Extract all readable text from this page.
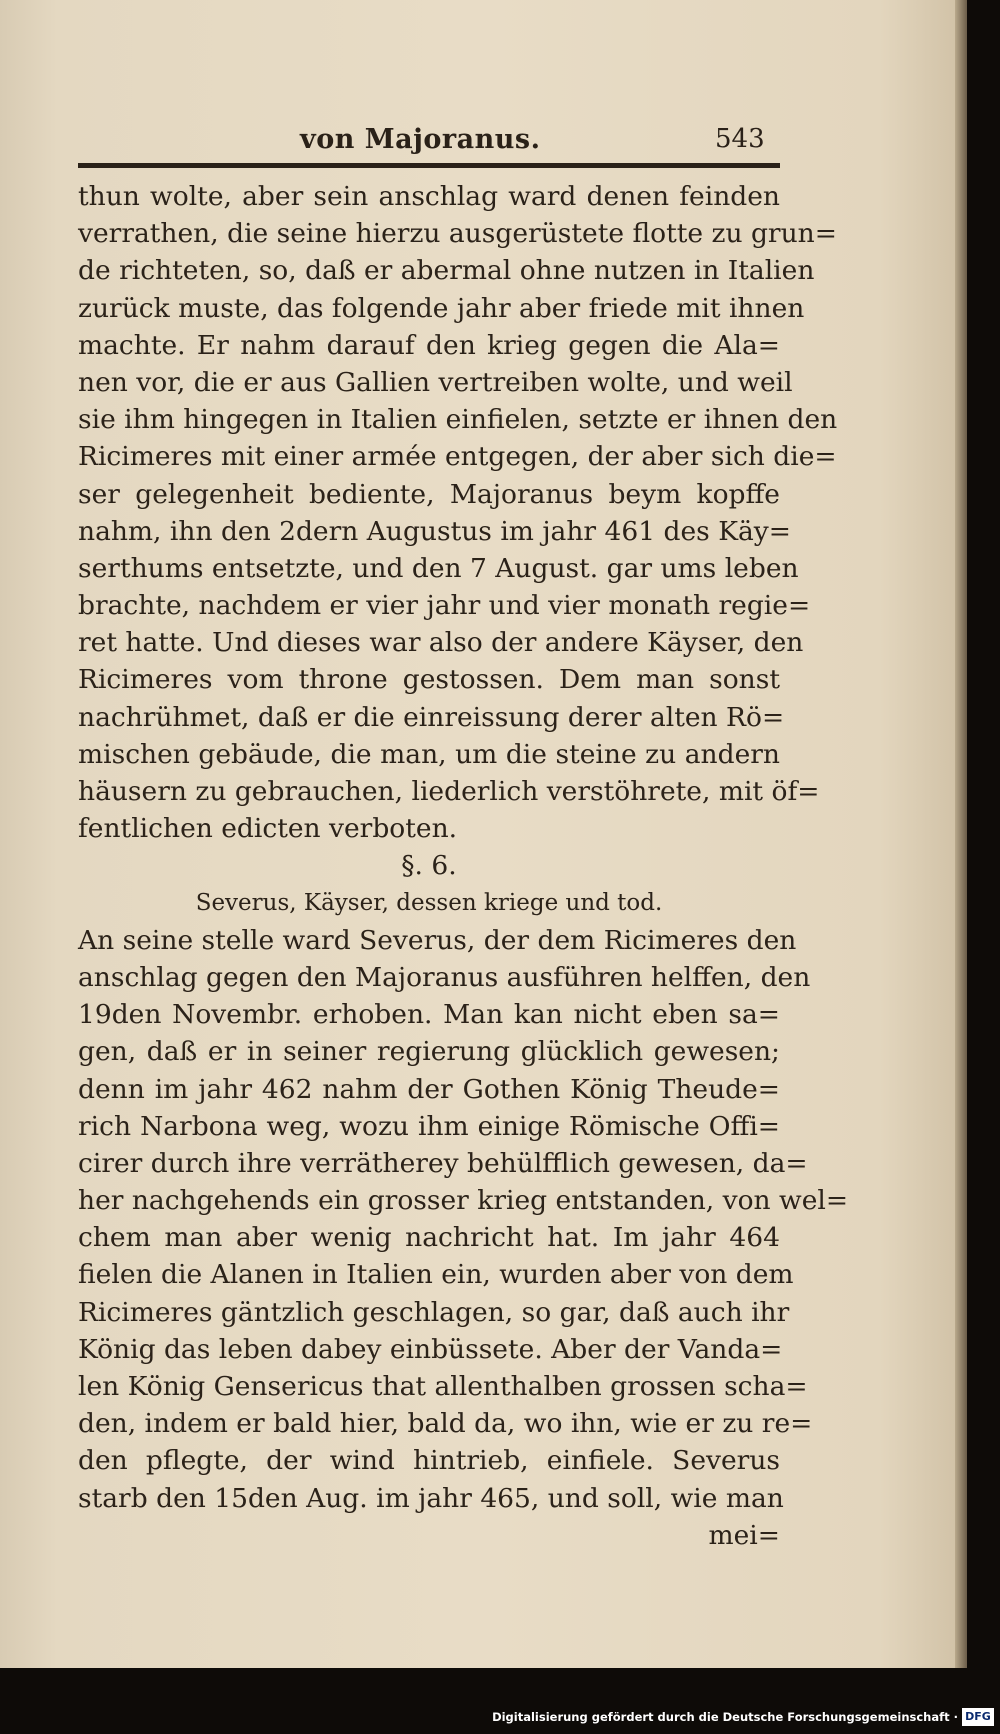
von Majoranus.	543
thun wolte, aber sein anschlag ward denen feinden
verrathen, die seine hierzu ausgerüstete flotte zu grun=
de richteten, so, daß er abermal ohne nutzen in Italien
zurück muste, das folgende jahr aber friede mit ihnen
machte. Er nahm darauf den krieg gegen die Ala=
nen vor, die er aus Gallien vertreiben wolte, und weil
sie ihm hingegen in Italien einfielen, setzte er ihnen den
Ricimeres mit einer armée entgegen, der aber sich die=
ser gelegenheit bediente, Majoranus beym kopffe
nahm, ihn den 2dern Augustus im jahr 461 des Käy=
serthums entsetzte, und den 7 August. gar ums leben
brachte, nachdem er vier jahr und vier monath regie=
ret hatte. Und dieses war also der andere Käyser, den
Ricimeres vom throne gestossen. Dem man sonst
nachrühmet, daß er die einreissung derer alten Rö=
mischen gebäude, die man, um die steine zu andern
häusern zu gebrauchen, liederlich verstöhrete, mit öf=
fentlichen edicten verboten.
§. 6.
Severus, Käyser, dessen kriege und tod.
An seine stelle ward Severus, der dem Ricimeres den
anschlag gegen den Majoranus ausführen helffen, den
19den Novembr. erhoben. Man kan nicht eben sa=
gen, daß er in seiner regierung glücklich gewesen;
denn im jahr 462 nahm der Gothen König Theude=
rich Narbona weg, wozu ihm einige Römische Offi=
cirer durch ihre verrätherey behülfflich gewesen, da=
her nachgehends ein grosser krieg entstanden, von wel=
chem man aber wenig nachricht hat. Im jahr 464
fielen die Alanen in Italien ein, wurden aber von dem
Ricimeres gäntzlich geschlagen, so gar, daß auch ihr
König das leben dabey einbüssete. Aber der Vanda=
len König Gensericus that allenthalben grossen scha=
den, indem er bald hier, bald da, wo ihn, wie er zu re=
den pflegte, der wind hintrieb, einfiele. Severus
starb den 15den Aug. im jahr 465, und soll, wie man
mei=
Digitalisierung gefördert durch die Deutsche Forschungsgemeinschaft · DFG
